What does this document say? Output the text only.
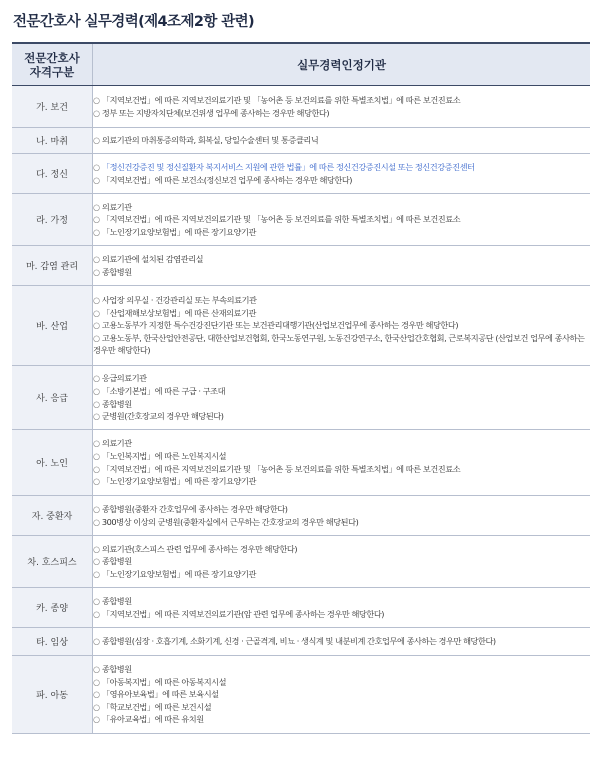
전문간호사 실무경력(제4조제2항 관련)
전문간호사
자격구분	실무경력인정기관
가. 보건	○ 「지역보건법」에 따른 지역보건의료기관 및 「농어촌 등 보건의료를 위한 특별조치법」에 따른 보건진료소
○ 정부 또는 지방자치단체(보건위생 업무에 종사하는 경우만 해당한다)

나. 마취	○ 의료기관의 마취통증의학과, 회복실, 당일수술센터 및 통증클리닉

다. 정신	○ 「정신건강증진 및 정신질환자 복지서비스 지원에 관한 법률」에 따른 정신건강증진시설 또는 정신건강증진센터
○ 「지역보건법」에 따른 보건소(정신보건 업무에 종사하는 경우만 해당한다)

라. 가정	○ 의료기관
○ 「지역보건법」에 따른 지역보건의료기관 및 「농어촌 등 보건의료를 위한 특별조치법」에 따른 보건진료소
○ 「노인장기요양보험법」에 따른 장기요양기관

마. 감염 관리	○ 의료기관에 설치된 감염관리실
○ 종합병원

바. 산업	○ 사업장 의무실 · 건강관리실 또는 부속의료기관
○ 「산업재해보상보험법」에 따른 산재의료기관
○ 고용노동부가 지정한 특수건강진단기관 또는 보건관리대행기관(산업보건업무에 종사하는 경우만 해당한다)
○ 고용노동부, 한국산업안전공단, 대한산업보건협회, 한국노동연구원, 노동건강연구소, 한국산업간호협회, 근로복지공단 (산업보건 업무에 종사하는 경우만 해당한다)

사. 응급	○ 응급의료기관
○ 「소방기본법」에 따른 구급 · 구조대
○ 종합병원
○ 군병원(간호장교의 경우만 해당된다)

아. 노인	○ 의료기관
○ 「노인복지법」에 따른 노인복지시설
○ 「지역보건법」에 따른 지역보건의료기관 및 「농어촌 등 보건의료를 위한 특별조치법」에 따른 보건진료소
○ 「노인장기요양보험법」에 따른 장기요양기관

자. 중환자	○ 종합병원(중환자 간호업무에 종사하는 경우만 해당한다)
○ 300병상 이상의 군병원(중환자실에서 근무하는 간호장교의 경우만 해당된다)

차. 호스피스	○ 의료기관(호스피스 관련 업무에 종사하는 경우만 해당한다)
○ 종합병원
○ 「노인장기요양보험법」에 따른 장기요양기관

카. 종양	○ 종합병원
○ 「지역보건법」에 따른 지역보건의료기관(암 관련 업무에 종사하는 경우만 해당한다)

타. 임상	○ 종합병원(심장 · 호흡기계, 소화기계, 신경 · 근골격계, 비뇨 · 생식계 및 내분비계 간호업무에 종사하는 경우만 해당한다)

파. 아동	○ 종합병원
○ 「아동복지법」에 따른 아동복지시설
○ 「영유아보육법」에 따른 보육시설
○ 「학교보건법」에 따른 보건시설
○ 「유아교육법」에 따른 유치원
